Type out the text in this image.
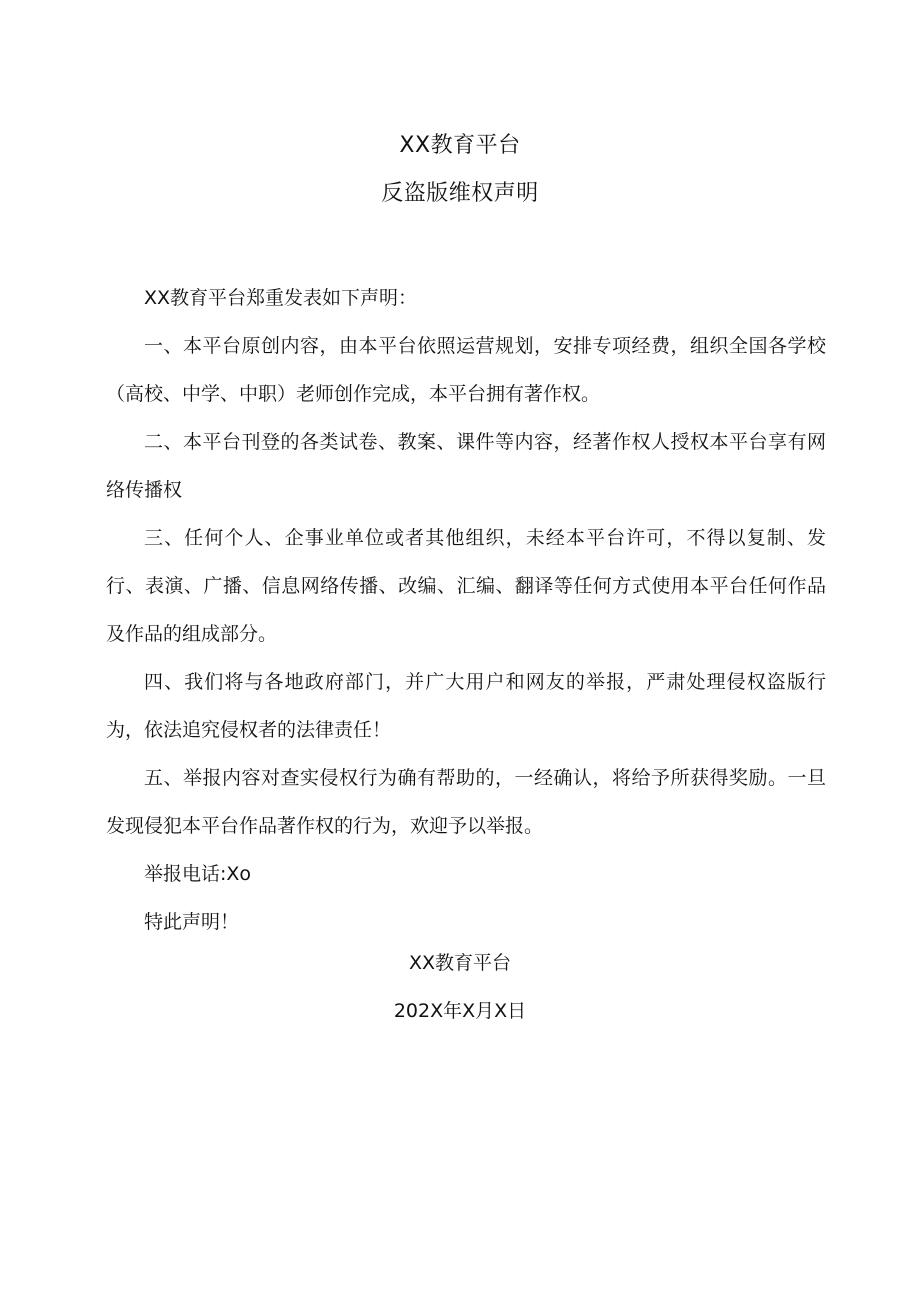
XX教育平台
反盗版维权声明

XX教育平台郑重发表如下声明：

一、本平台原创内容，由本平台依照运营规划，安排专项经费，组织全国各学校（高校、中学、中职）老师创作完成，本平台拥有著作权。

二、本平台刊登的各类试卷、教案、课件等内容，经著作权人授权本平台享有网络传播权

三、任何个人、企事业单位或者其他组织，未经本平台许可，不得以复制、发行、表演、广播、信息网络传播、改编、汇编、翻译等任何方式使用本平台任何作品及作品的组成部分。

四、我们将与各地政府部门，并广大用户和网友的举报，严肃处理侵权盗版行为，依法追究侵权者的法律责任！

五、举报内容对查实侵权行为确有帮助的，一经确认，将给予所获得奖励。一旦发现侵犯本平台作品著作权的行为，欢迎予以举报。

举报电话:Xo

特此声明！

XX教育平台
202X年X月X日
